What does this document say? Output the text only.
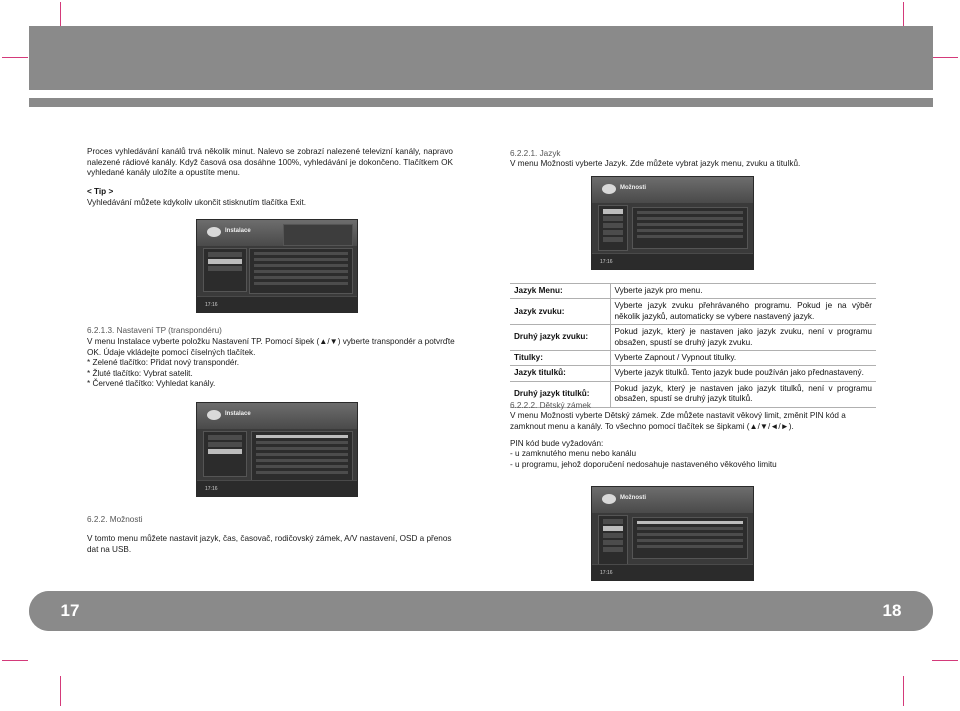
Proces vyhledávání kanálů trvá několik minut. Nalevo se zobrazí nalezené televizní kanály, napravo nalezené rádiové kanály. Když časová osa dosáhne 100%, vyhledávání je dokončeno. Tlačítkem OK vyhledané kanály uložíte a opustíte menu.
< Tip >
Vyhledávání můžete kdykoliv ukončit stisknutím tlačítka Exit.
Instalace
17:16
6.2.1.3. Nastavení TP (transpondéru)
V menu Instalace vyberte položku Nastavení TP. Pomocí šipek (▲/▼) vyberte transpondér a potvrďte OK. Údaje vkládejte pomocí číselných tlačítek.
* Zelené tlačítko: Přidat nový transpondér.
* Žluté tlačítko: Vybrat satelit.
* Červené tlačítko: Vyhledat kanály.
Instalace
17:16
6.2.2. Možnosti
V tomto menu můžete nastavit jazyk, čas, časovač, rodičovský zámek, A/V nastavení, OSD a přenos dat na USB.
6.2.2.1. Jazyk
V menu Možnosti vyberte Jazyk. Zde můžete vybrat jazyk menu, zvuku a titulků.
Možnosti
17:16
Jazyk Menu:	Vyberte jazyk pro menu.
Jazyk zvuku:	Vyberte jazyk zvuku přehrávaného programu. Pokud je na výběr několik jazyků, automaticky se vybere nastavený jazyk.
Druhý jazyk zvuku:	Pokud jazyk, který je nastaven jako jazyk zvuku, není v programu obsažen, spustí se druhý jazyk zvuku.
Titulky:	Vyberte Zapnout / Vypnout titulky.
Jazyk titulků:	Vyberte jazyk titulků. Tento jazyk bude používán jako přednastavený.
Druhý jazyk titulků:	Pokud jazyk, který je nastaven jako jazyk titulků, není v programu obsažen, spustí se druhý jazyk titulků.
6.2.2.2. Dětský zámek
V menu Možnosti vyberte Dětský zámek. Zde můžete nastavit věkový limit, změnit PIN kód a zamknout menu a kanály. To všechno pomocí tlačítek se šipkami (▲/▼/◄/►).
PIN kód bude vyžadován:
- u zamknutého menu nebo kanálu
- u programu, jehož doporučení nedosahuje nastaveného věkového limitu
Možnosti
17:16
17	18
